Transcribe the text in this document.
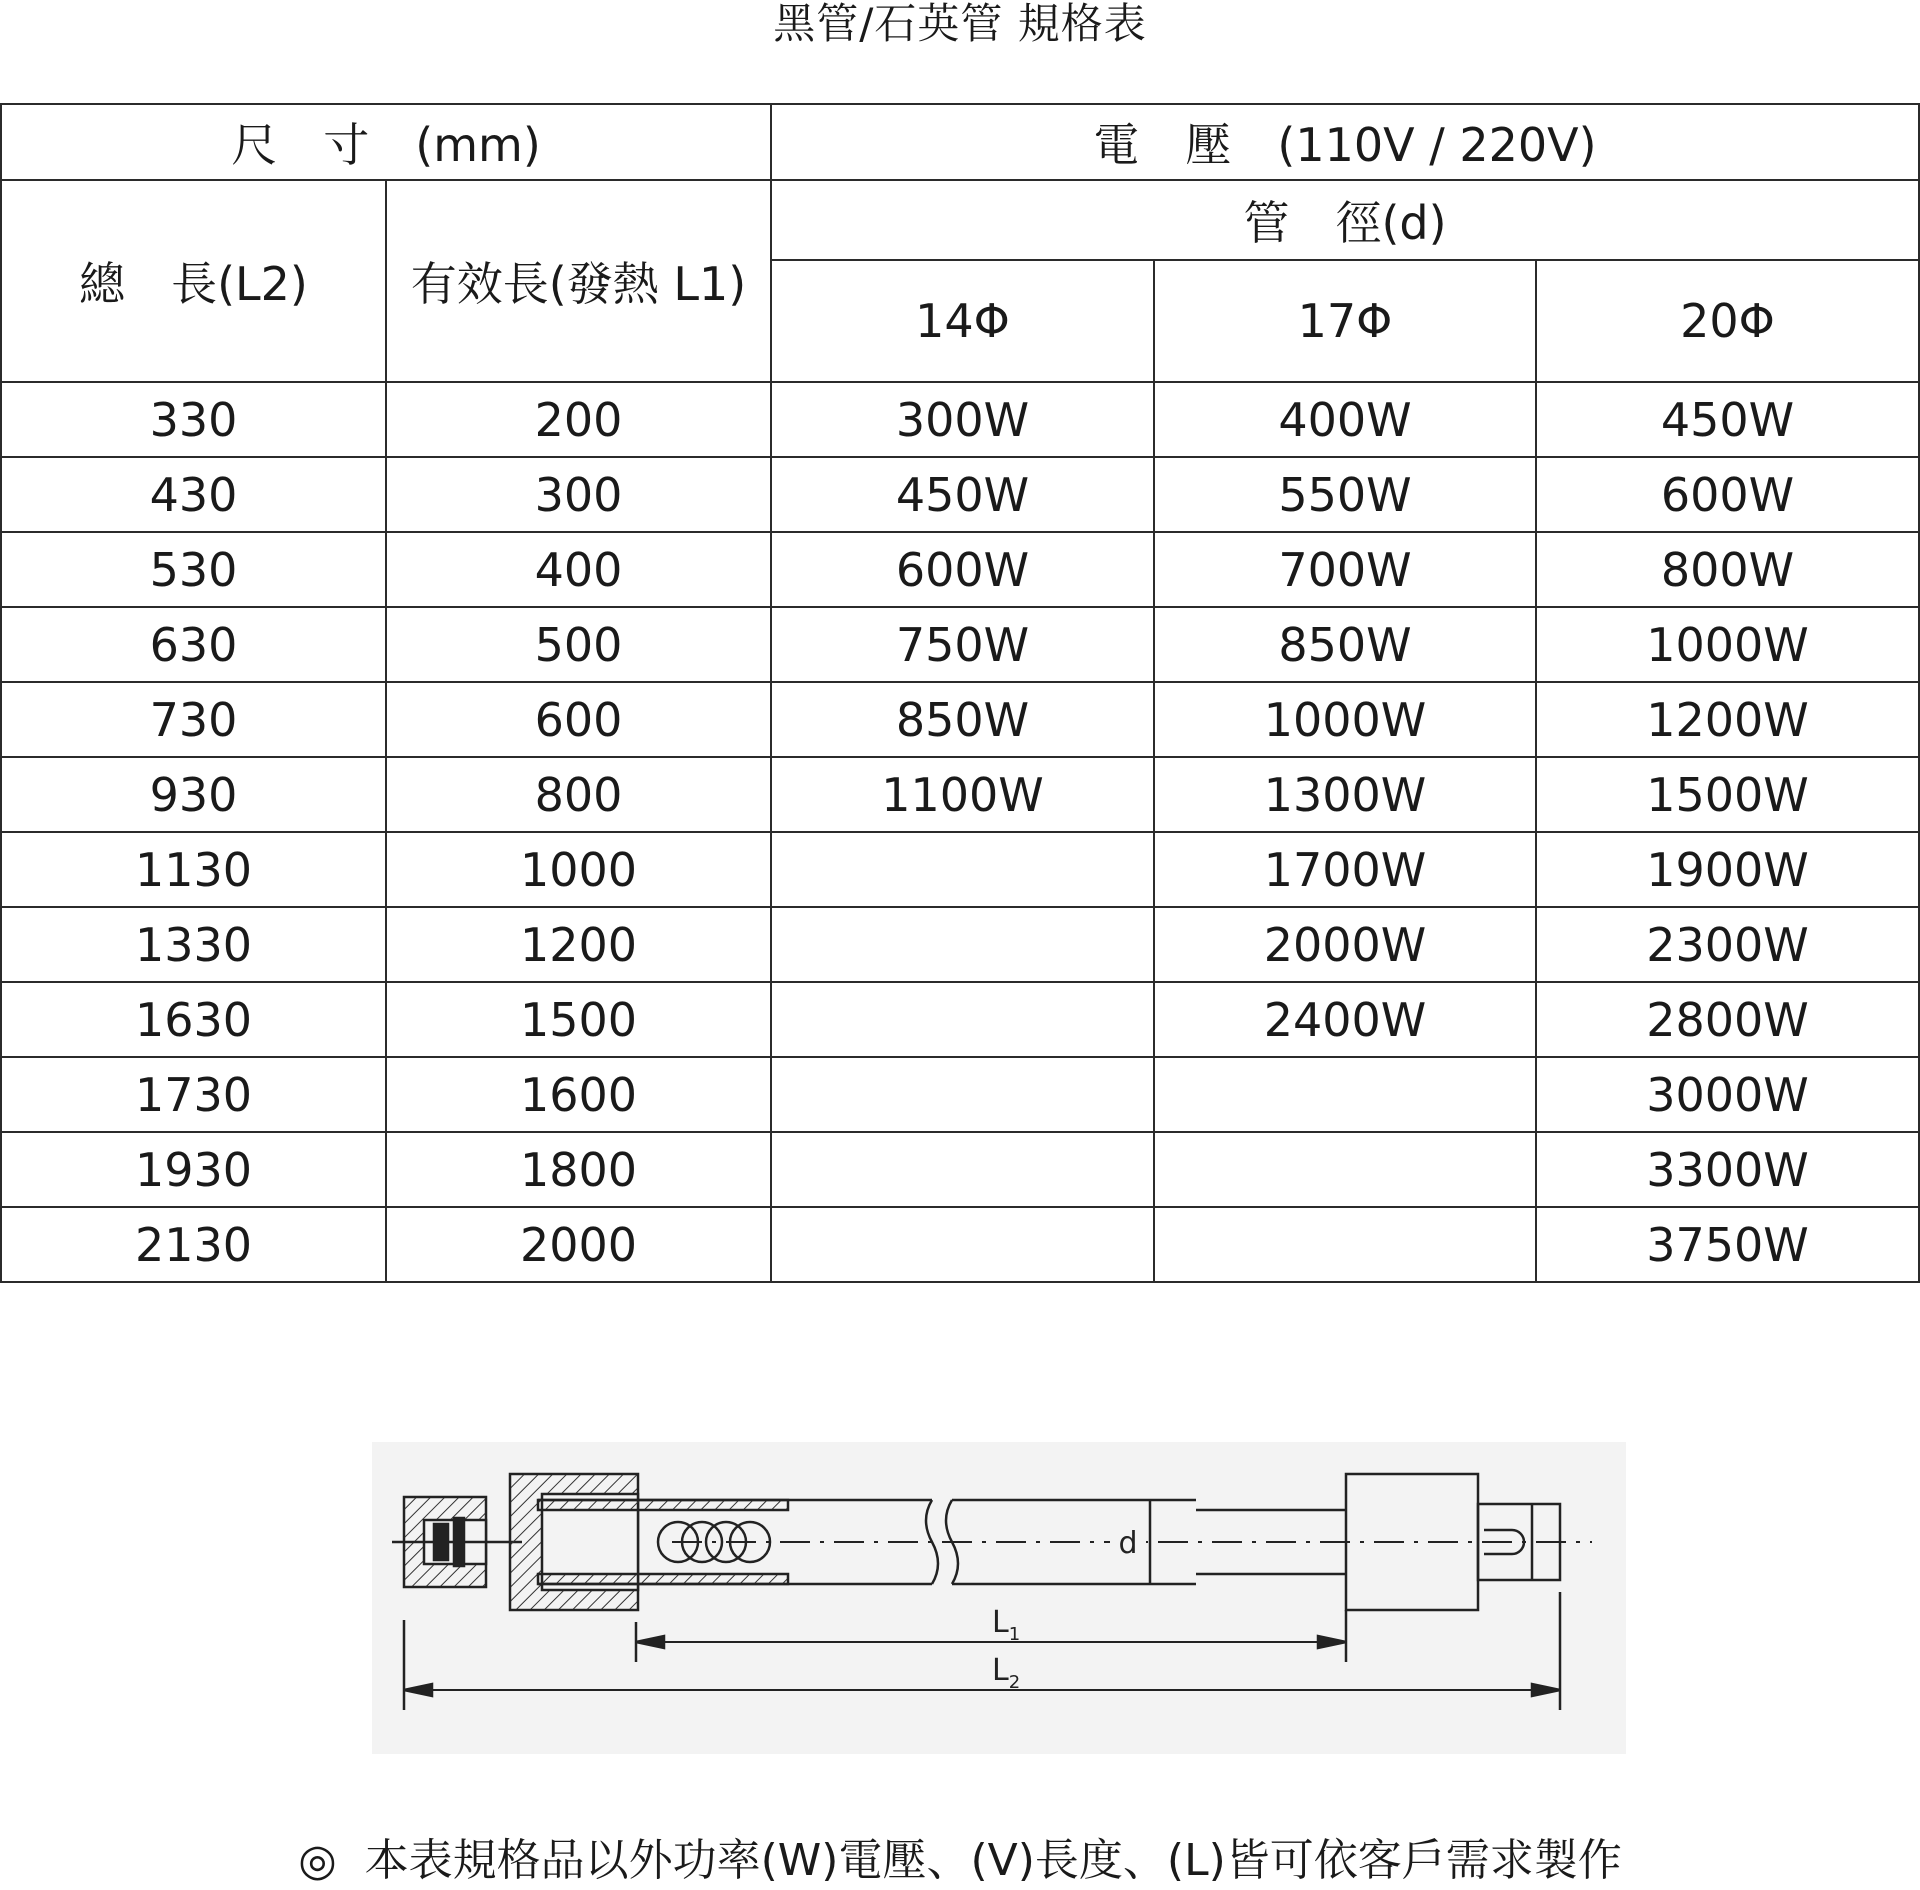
黑管/石英管 規格表
尺　寸　(mm)		電　壓　(110V / 220V)		
總　長(L2)	有效長(發熱 L1)	管　徑(d)		
		14Φ	17Φ	20Φ
330	200	300W	400W	450W
430	300	450W	550W	600W
530	400	600W	700W	800W
630	500	750W	850W	1000W
730	600	850W	1000W	1200W
930	800	1100W	1300W	1500W
1130	1000		1700W	1900W
1330	1200		2000W	2300W
1630	1500		2400W	2800W
1730	1600			3000W
1930	1800			3300W
2130	2000			3750W
d
$L_1$
$L_2$
◎ 本表規格品以外功率(W)電壓、(V)長度、(L)皆可依客戶需求製作
